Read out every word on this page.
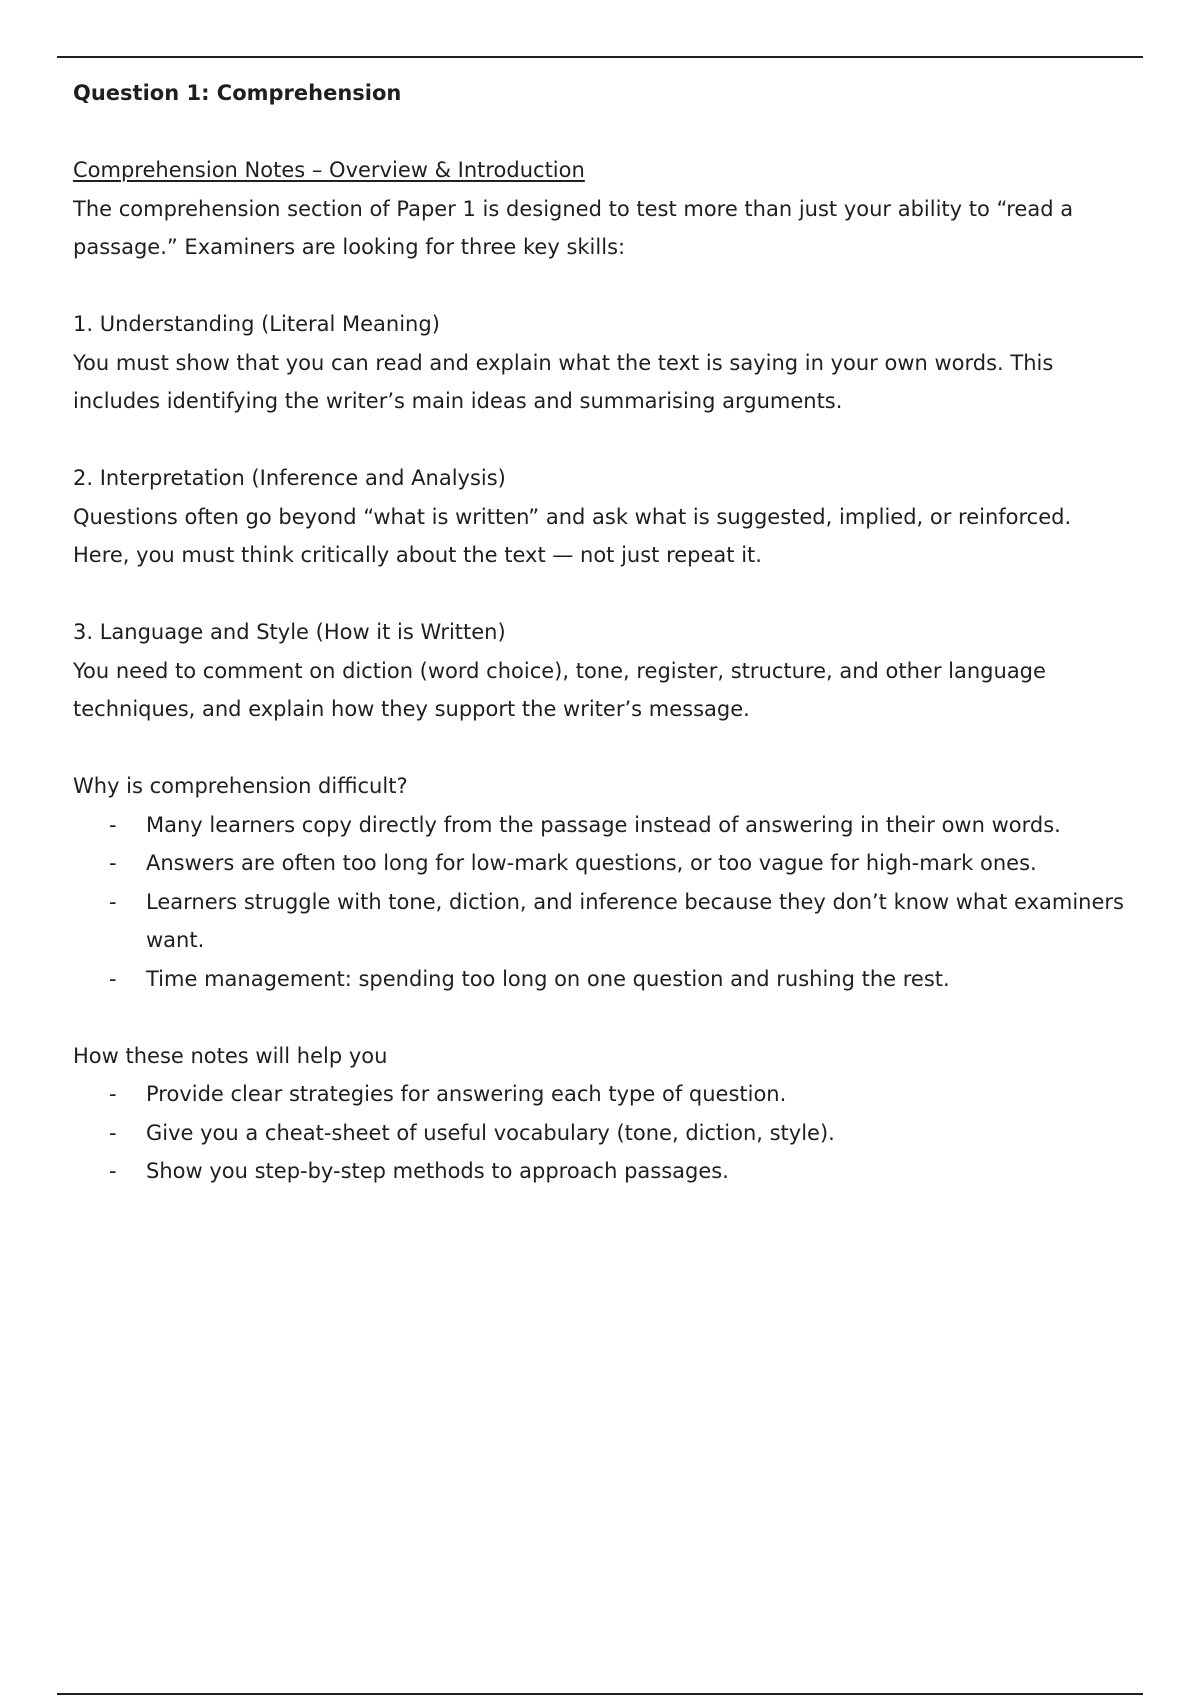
Question 1: Comprehension

Comprehension Notes – Overview & Introduction

The comprehension section of Paper 1 is designed to test more than just your ability to “read a passage.” Examiners are looking for three key skills:

1. Understanding (Literal Meaning)

You must show that you can read and explain what the text is saying in your own words. This includes identifying the writer’s main ideas and summarising arguments.

2. Interpretation (Inference and Analysis)

Questions often go beyond “what is written” and ask what is suggested, implied, or reinforced. Here, you must think critically about the text — not just repeat it.

3. Language and Style (How it is Written)

You need to comment on diction (word choice), tone, register, structure, and other language techniques, and explain how they support the writer’s message.

Why is comprehension difficult?

- Many learners copy directly from the passage instead of answering in their own words.
- Answers are often too long for low-mark questions, or too vague for high-mark ones.
- Learners struggle with tone, diction, and inference because they don’t know what examiners want.
- Time management: spending too long on one question and rushing the rest.

How these notes will help you

- Provide clear strategies for answering each type of question.
- Give you a cheat-sheet of useful vocabulary (tone, diction, style).
- Show you step-by-step methods to approach passages.
